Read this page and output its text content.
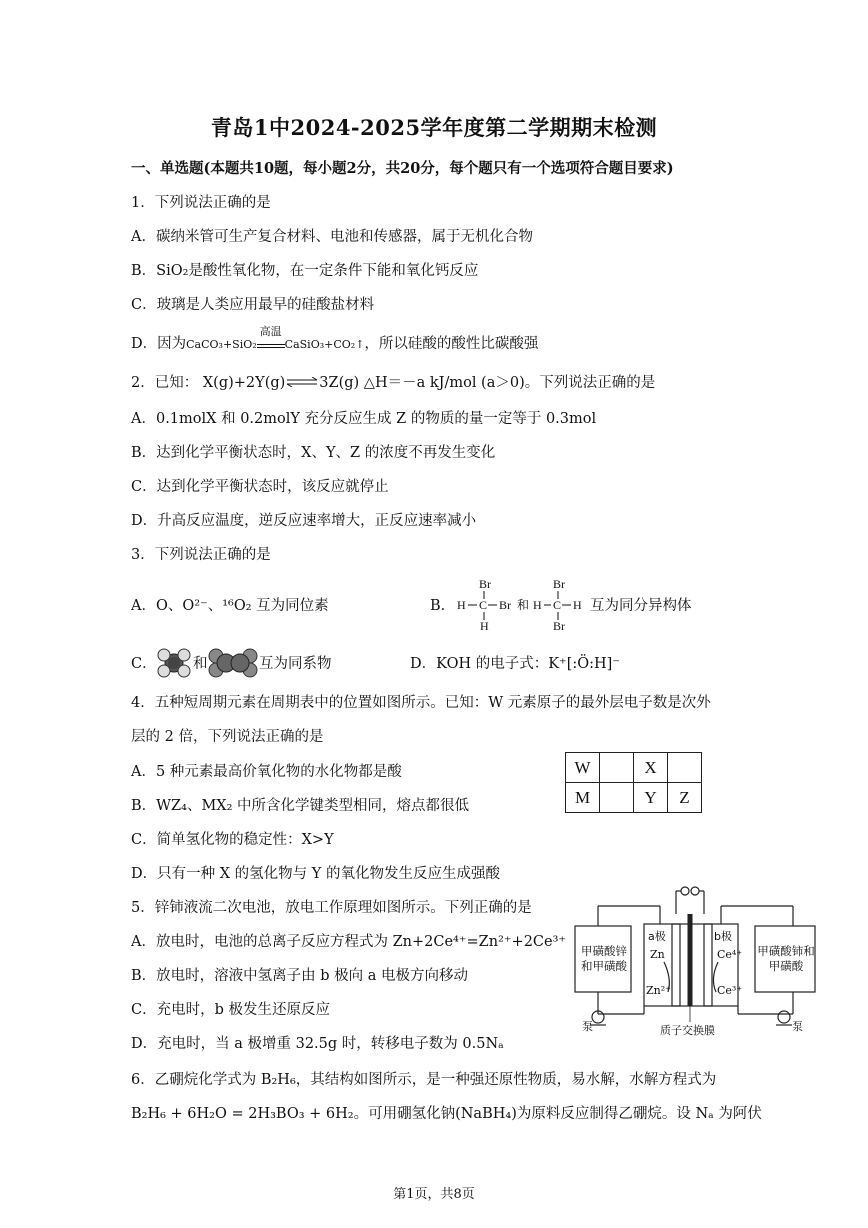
青岛1中2024-2025学年度第二学期期末检测
一、单选题(本题共10题，每小题2分，共20分，每个题只有一个选项符合题目要求)
1．下列说法正确的是
A．碳纳米管可生产复合材料、电池和传感器，属于无机化合物
B．SiO₂是酸性氧化物，在一定条件下能和氧化钙反应
C．玻璃是人类应用最早的硅酸盐材料
D．因为CaCO₃+SiO₂
高温
CaSiO₃+CO₂↑，所以硅酸的酸性比碳酸强
2．已知： X(g)+2Y(g)⇌3Z(g) △H＝－a kJ/mol (a＞0)。下列说法正确的是
A．0.1molX 和 0.2molY 充分反应生成 Z 的物质的量一定等于 0.3mol
B．达到化学平衡状态时，X、Y、Z 的浓度不再发生变化
C．达到化学平衡状态时，该反应就停止
D．升高反应温度，逆反应速率增大，正反应速率减小
3．下列说法正确的是
A．O、O²⁻、¹⁶O₂ 互为同位素	B．
Br
H C Br
H
和
Br
H C H
Br
互为同分异构体
C．	和	互为同系物	D．KOH 的电子式：K⁺[:Ö:H]⁻
4．五种短周期元素在周期表中的位置如图所示。已知：W 元素原子的最外层电子数是次外
层的 2 倍，下列说法正确的是
A．5 种元素最高价氧化物的水化物都是酸
B．WZ₄、MX₂ 中所含化学键类型相同，熔点都很低
C．简单氢化物的稳定性：X>Y
D．只有一种 X 的氢化物与 Y 的氧化物发生反应生成强酸
W		X	
M		Y	Z
5．锌铈液流二次电池，放电工作原理如图所示。下列正确的是
A．放电时，电池的总离子反应方程式为 Zn+2Ce⁴⁺=Zn²⁺+2Ce³⁺
B．放电时，溶液中氢离子由 b 极向 a 电极方向移动
C．充电时，b 极发生还原反应
D．充电时，当 a 极增重 32.5g 时，转移电子数为 0.5Nₐ
甲磺酸锌和甲磺酸
甲磺酸铈和甲磺酸
a极	b极
Zn	Ce⁴⁺
Zn²⁺	Ce³⁺
泵	泵
质子交换膜
6．乙硼烷化学式为 B₂H₆，其结构如图所示，是一种强还原性物质，易水解，水解方程式为
B₂H₆ + 6H₂O = 2H₃BO₃ + 6H₂。可用硼氢化钠(NaBH₄)为原料反应制得乙硼烷。设 Nₐ 为阿伏
第1页，共8页
